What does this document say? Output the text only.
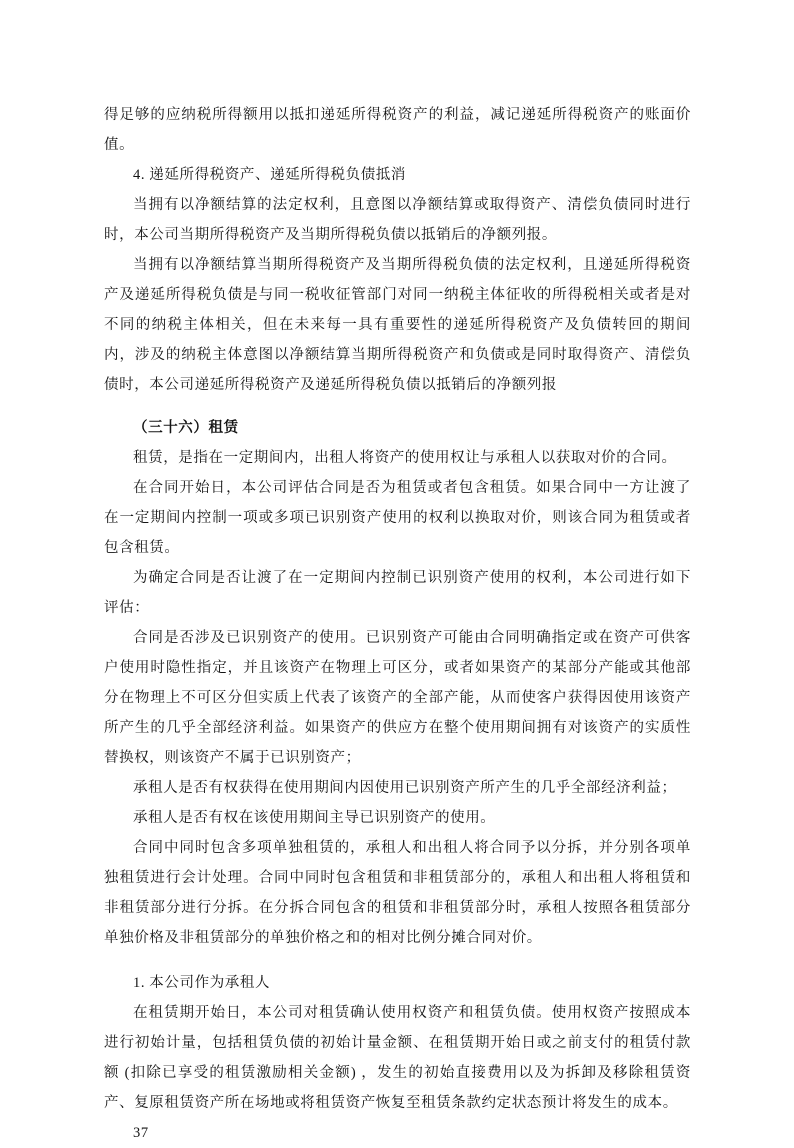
得足够的应纳税所得额用以抵扣递延所得税资产的利益，减记递延所得税资产的账面价值。

4. 递延所得税资产、递延所得税负债抵消

当拥有以净额结算的法定权利，且意图以净额结算或取得资产、清偿负债同时进行时，本公司当期所得税资产及当期所得税负债以抵销后的净额列报。

当拥有以净额结算当期所得税资产及当期所得税负债的法定权利，且递延所得税资产及递延所得税负债是与同一税收征管部门对同一纳税主体征收的所得税相关或者是对不同的纳税主体相关，但在未来每一具有重要性的递延所得税资产及负债转回的期间内，涉及的纳税主体意图以净额结算当期所得税资产和负债或是同时取得资产、清偿负债时，本公司递延所得税资产及递延所得税负债以抵销后的净额列报

（三十六）租赁

租赁，是指在一定期间内，出租人将资产的使用权让与承租人以获取对价的合同。

在合同开始日，本公司评估合同是否为租赁或者包含租赁。如果合同中一方让渡了在一定期间内控制一项或多项已识别资产使用的权利以换取对价，则该合同为租赁或者包含租赁。

为确定合同是否让渡了在一定期间内控制已识别资产使用的权利，本公司进行如下评估：

合同是否涉及已识别资产的使用。已识别资产可能由合同明确指定或在资产可供客户使用时隐性指定，并且该资产在物理上可区分，或者如果资产的某部分产能或其他部分在物理上不可区分但实质上代表了该资产的全部产能，从而使客户获得因使用该资产所产生的几乎全部经济利益。如果资产的供应方在整个使用期间拥有对该资产的实质性替换权，则该资产不属于已识别资产；

承租人是否有权获得在使用期间内因使用已识别资产所产生的几乎全部经济利益；

承租人是否有权在该使用期间主导已识别资产的使用。

合同中同时包含多项单独租赁的，承租人和出租人将合同予以分拆，并分别各项单独租赁进行会计处理。合同中同时包含租赁和非租赁部分的，承租人和出租人将租赁和非租赁部分进行分拆。在分拆合同包含的租赁和非租赁部分时，承租人按照各租赁部分单独价格及非租赁部分的单独价格之和的相对比例分摊合同对价。

1. 本公司作为承租人

在租赁期开始日，本公司对租赁确认使用权资产和租赁负债。使用权资产按照成本进行初始计量，包括租赁负债的初始计量金额、在租赁期开始日或之前支付的租赁付款额 (扣除已享受的租赁激励相关金额) ，发生的初始直接费用以及为拆卸及移除租赁资产、复原租赁资产所在场地或将租赁资产恢复至租赁条款约定状态预计将发生的成本。

37
